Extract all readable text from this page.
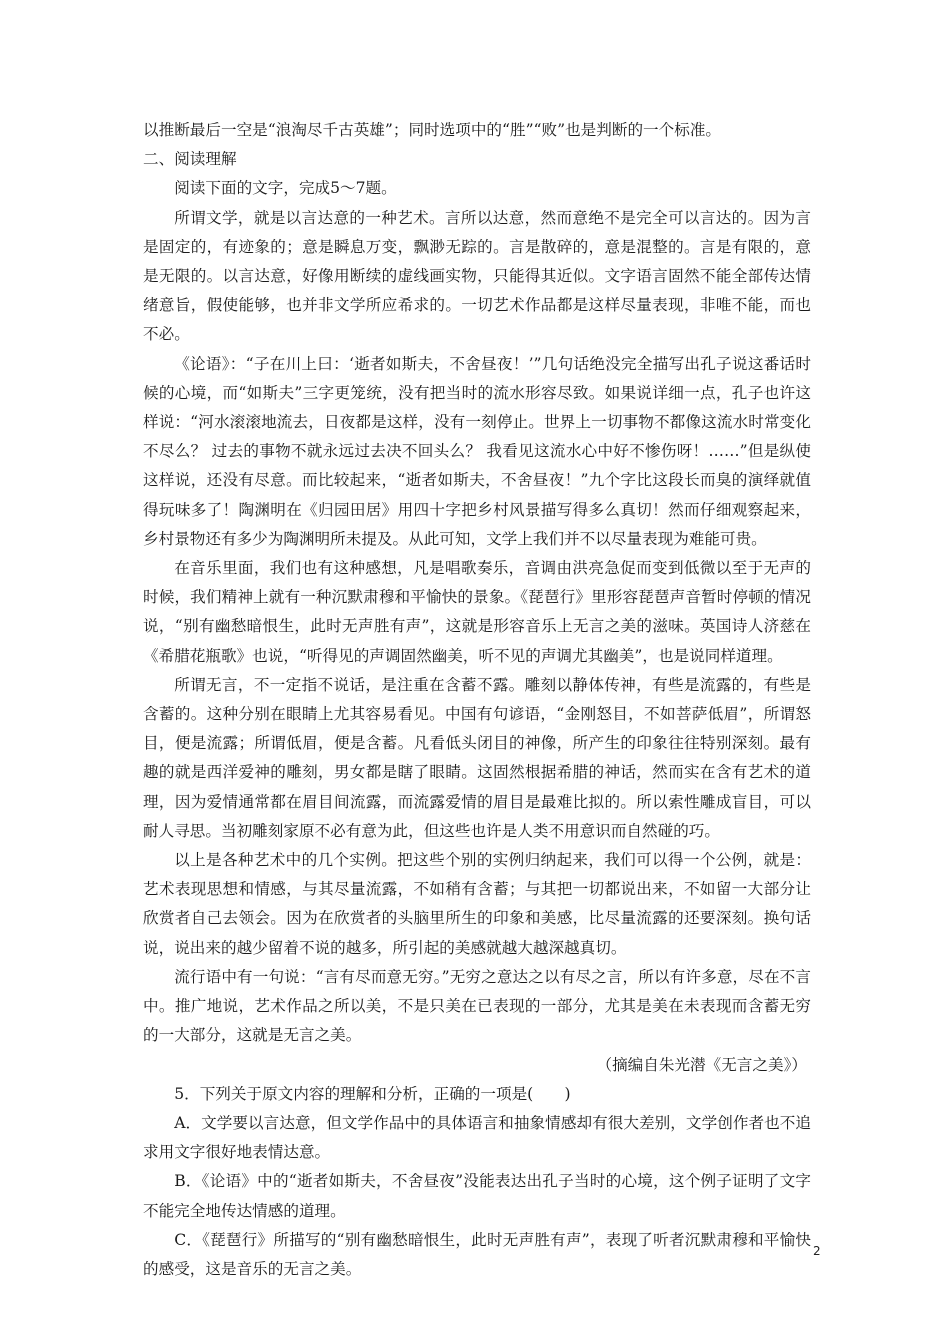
以推断最后一空是“浪淘尽千古英雄”；同时选项中的“胜”“败”也是判断的一个标准。

二、阅读理解

阅读下面的文字，完成5～7题。

所谓文学，就是以言达意的一种艺术。言所以达意，然而意绝不是完全可以言达的。因为言是固定的，有迹象的；意是瞬息万变，飘渺无踪的。言是散碎的，意是混整的。言是有限的，意是无限的。以言达意，好像用断续的虚线画实物，只能得其近似。文字语言固然不能全部传达情绪意旨，假使能够，也并非文学所应希求的。一切艺术作品都是这样尽量表现，非唯不能，而也不必。

《论语》：“子在川上曰：‘逝者如斯夫，不舍昼夜！’”几句话绝没完全描写出孔子说这番话时候的心境，而“如斯夫”三字更笼统，没有把当时的流水形容尽致。如果说详细一点，孔子也许这样说：“河水滚滚地流去，日夜都是这样，没有一刻停止。世界上一切事物不都像这流水时常变化不尽么？ 过去的事物不就永远过去决不回头么？ 我看见这流水心中好不惨伤呀！……”但是纵使这样说，还没有尽意。而比较起来，“逝者如斯夫，不舍昼夜！”九个字比这段长而臭的演绎就值得玩味多了！陶渊明在《归园田居》用四十字把乡村风景描写得多么真切！然而仔细观察起来，乡村景物还有多少为陶渊明所未提及。从此可知，文学上我们并不以尽量表现为难能可贵。

在音乐里面，我们也有这种感想，凡是唱歌奏乐，音调由洪亮急促而变到低微以至于无声的时候，我们精神上就有一种沉默肃穆和平愉快的景象。《琵琶行》里形容琵琶声音暂时停顿的情况说，“别有幽愁暗恨生，此时无声胜有声”，这就是形容音乐上无言之美的滋味。英国诗人济慈在《希腊花瓶歌》也说，“听得见的声调固然幽美，听不见的声调尤其幽美”，也是说同样道理。

所谓无言，不一定指不说话，是注重在含蓄不露。雕刻以静体传神，有些是流露的，有些是含蓄的。这种分别在眼睛上尤其容易看见。中国有句谚语，“金刚怒目，不如菩萨低眉”，所谓怒目，便是流露；所谓低眉，便是含蓄。凡看低头闭目的神像，所产生的印象往往特别深刻。最有趣的就是西洋爱神的雕刻，男女都是瞎了眼睛。这固然根据希腊的神话，然而实在含有艺术的道理，因为爱情通常都在眉目间流露，而流露爱情的眉目是最难比拟的。所以索性雕成盲目，可以耐人寻思。当初雕刻家原不必有意为此，但这些也许是人类不用意识而自然碰的巧。

以上是各种艺术中的几个实例。把这些个别的实例归纳起来，我们可以得一个公例，就是：艺术表现思想和情感，与其尽量流露，不如稍有含蓄；与其把一切都说出来，不如留一大部分让欣赏者自己去领会。因为在欣赏者的头脑里所生的印象和美感，比尽量流露的还要深刻。换句话说，说出来的越少留着不说的越多，所引起的美感就越大越深越真切。

流行语中有一句说：“言有尽而意无穷。”无穷之意达之以有尽之言，所以有许多意，尽在不言中。推广地说，艺术作品之所以美，不是只美在已表现的一部分，尤其是美在未表现而含蓄无穷的一大部分，这就是无言之美。

（摘编自朱光潜《无言之美》）

5．下列关于原文内容的理解和分析，正确的一项是(　　)

A．文学要以言达意，但文学作品中的具体语言和抽象情感却有很大差别，文学创作者也不追求用文字很好地表情达意。

B．《论语》中的“逝者如斯夫，不舍昼夜”没能表达出孔子当时的心境，这个例子证明了文字不能完全地传达情感的道理。

C．《琵琶行》所描写的“别有幽愁暗恨生，此时无声胜有声”，表现了听者沉默肃穆和平愉快的感受，这是音乐的无言之美。

2
